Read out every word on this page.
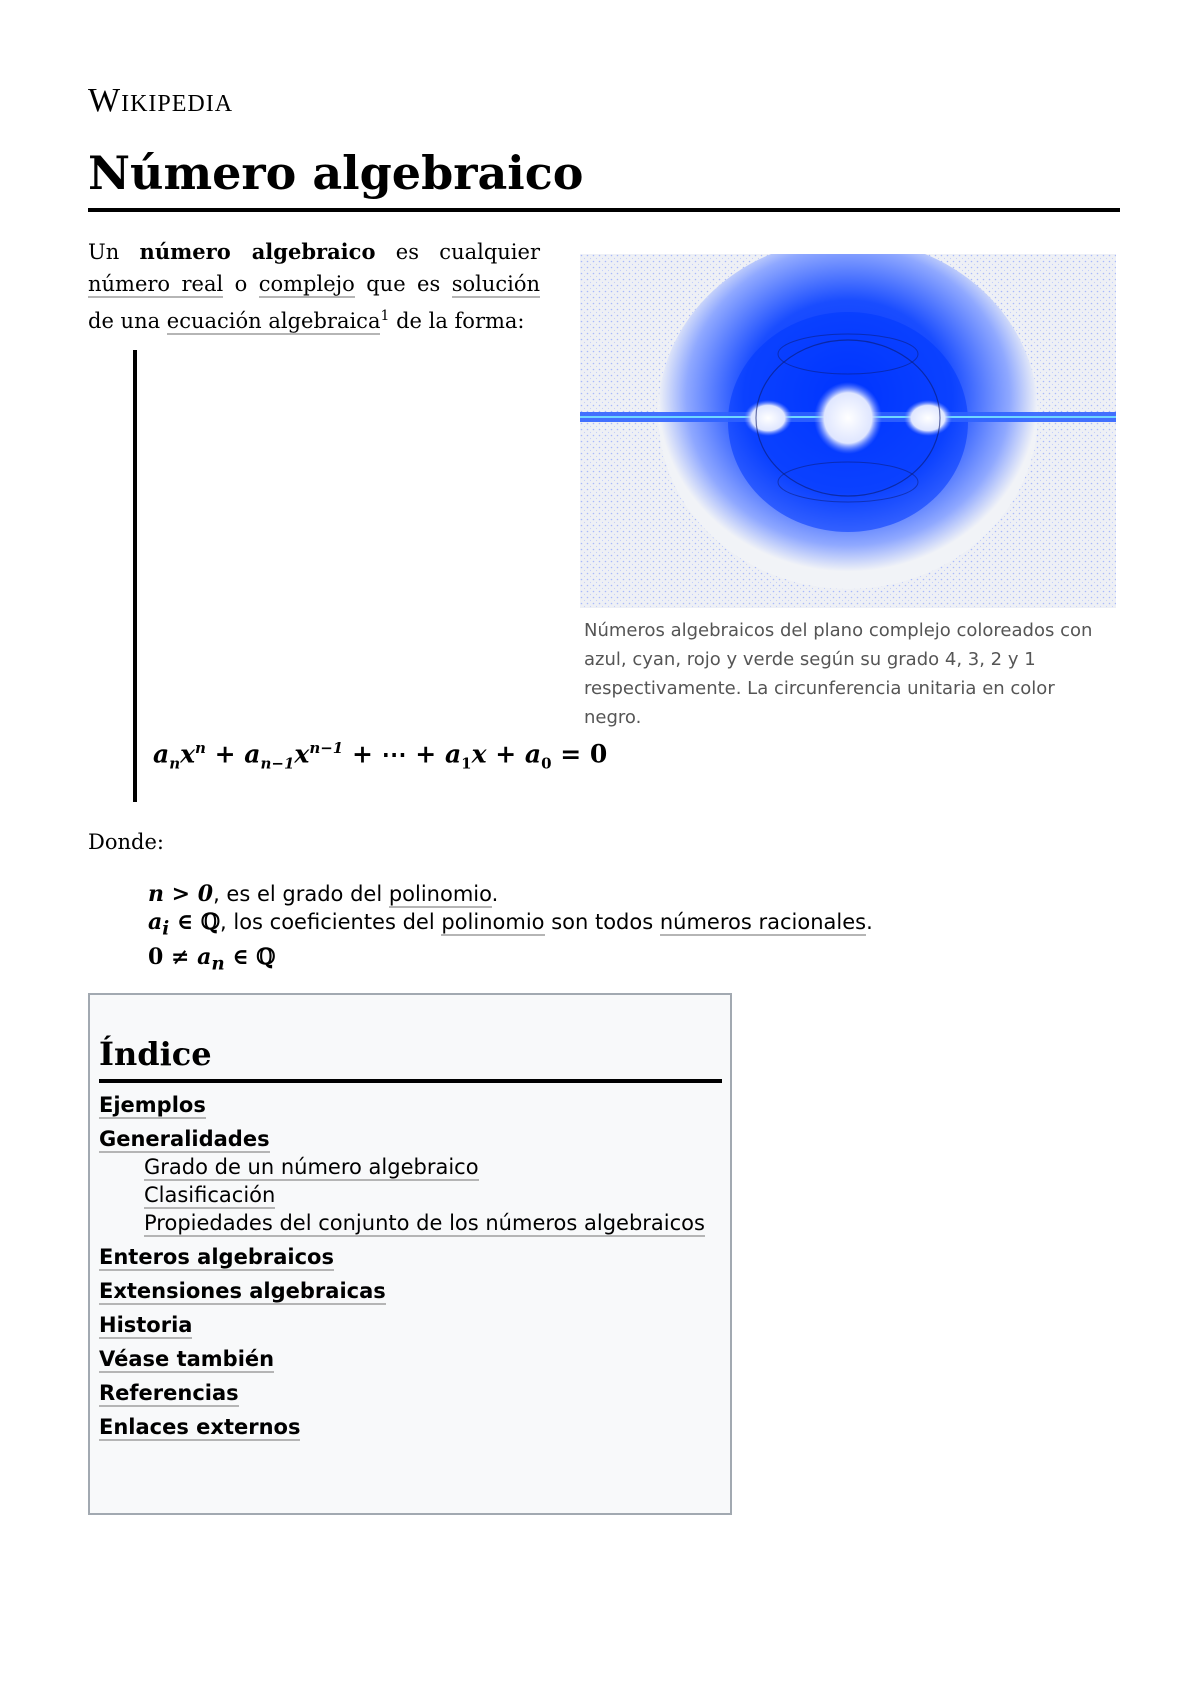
Wikipedia
Número algebraico

Un número algebraico es cualquier número real o complejo que es solución de una ecuación algebraica$^1$ de la forma:

Números algebraicos del plano complejo coloreados con azul, cyan, rojo y verde según su grado 4, 3, 2 y 1 respectivamente. La circunferencia unitaria en color negro.
$a_nx^n + a_{n-1}x^{n-1}$ + ⋯ + $a_1x + a_0 = 0$

Donde:

n > 0, es el grado del polinomio.
$a_i$ ∈ ℚ, los coeficientes del polinomio son todos números racionales.
$0 \ne a_n$ ∈ ℚ
Índice
Ejemplos
Generalidades
Grado de un número algebraico
Clasificación
Propiedades del conjunto de los números algebraicos
Enteros algebraicos
Extensiones algebraicas
Historia
Véase también
Referencias
Enlaces externos
